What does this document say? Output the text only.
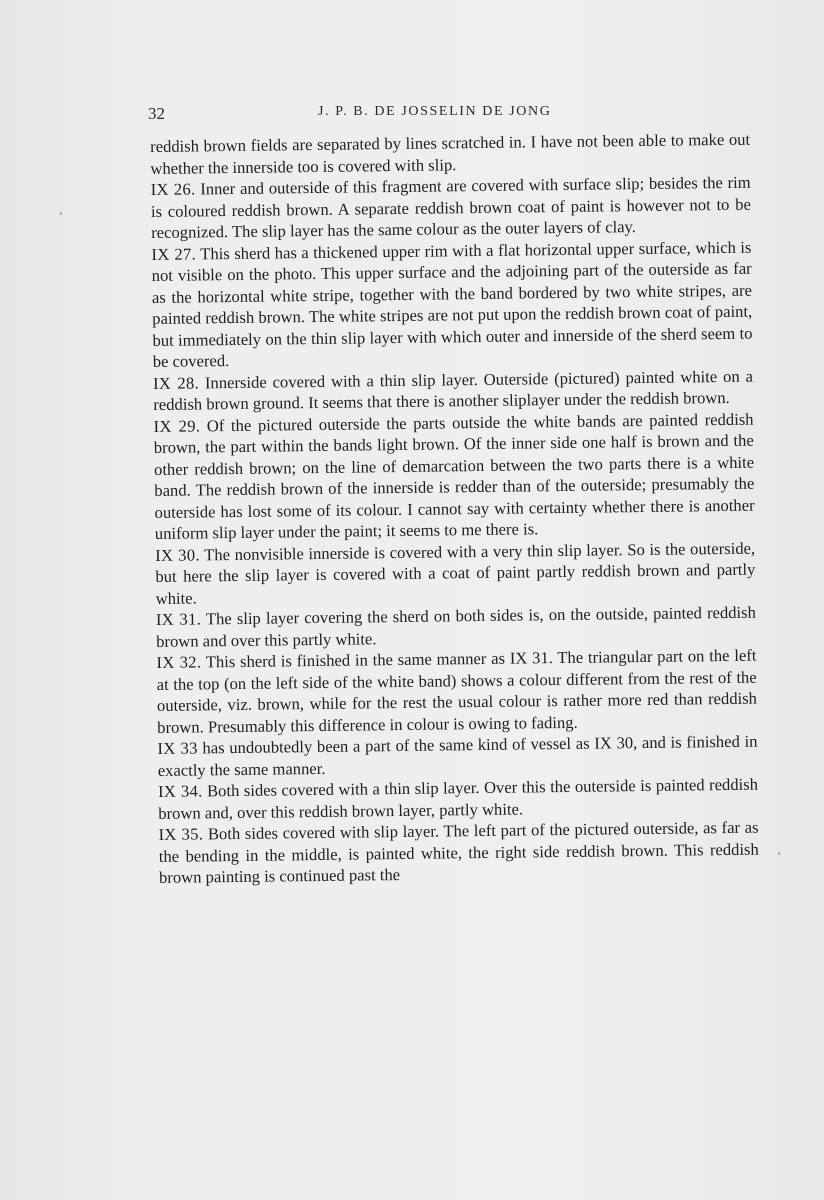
32	J. P. B. DE JOSSELIN DE JONG

reddish brown fields are separated by lines scratched in. I have not been able to make out whether the innerside too is covered with slip.

IX 26. Inner and outerside of this fragment are covered with surface slip; besides the rim is coloured reddish brown. A separate reddish brown coat of paint is however not to be recognized. The slip layer has the same colour as the outer layers of clay.

IX 27. This sherd has a thickened upper rim with a flat horizontal upper surface, which is not visible on the photo. This upper surface and the adjoining part of the outerside as far as the horizontal white stripe, together with the band bordered by two white stripes, are painted reddish brown. The white stripes are not put upon the reddish brown coat of paint, but immediately on the thin slip layer with which outer and innerside of the sherd seem to be covered.

IX 28. Innerside covered with a thin slip layer. Outerside (pictured) painted white on a reddish brown ground. It seems that there is another sliplayer under the reddish brown.

IX 29. Of the pictured outerside the parts outside the white bands are painted reddish brown, the part within the bands light brown. Of the inner side one half is brown and the other reddish brown; on the line of demarcation between the two parts there is a white band. The reddish brown of the innerside is redder than of the outerside; presumably the outerside has lost some of its colour. I cannot say with certainty whether there is another uniform slip layer under the paint; it seems to me there is.

IX 30. The nonvisible innerside is covered with a very thin slip layer. So is the outerside, but here the slip layer is covered with a coat of paint partly reddish brown and partly white.

IX 31. The slip layer covering the sherd on both sides is, on the outside, painted reddish brown and over this partly white.

IX 32. This sherd is finished in the same manner as IX 31. The triangular part on the left at the top (on the left side of the white band) shows a colour different from the rest of the outerside, viz. brown, while for the rest the usual colour is rather more red than reddish brown. Presumably this difference in colour is owing to fading.

IX 33 has undoubtedly been a part of the same kind of vessel as IX 30, and is finished in exactly the same manner.

IX 34. Both sides covered with a thin slip layer. Over this the outerside is painted reddish brown and, over this reddish brown layer, partly white.

IX 35. Both sides covered with slip layer. The left part of the pictured outerside, as far as the bending in the middle, is painted white, the right side reddish brown. This reddish brown painting is continued past the
